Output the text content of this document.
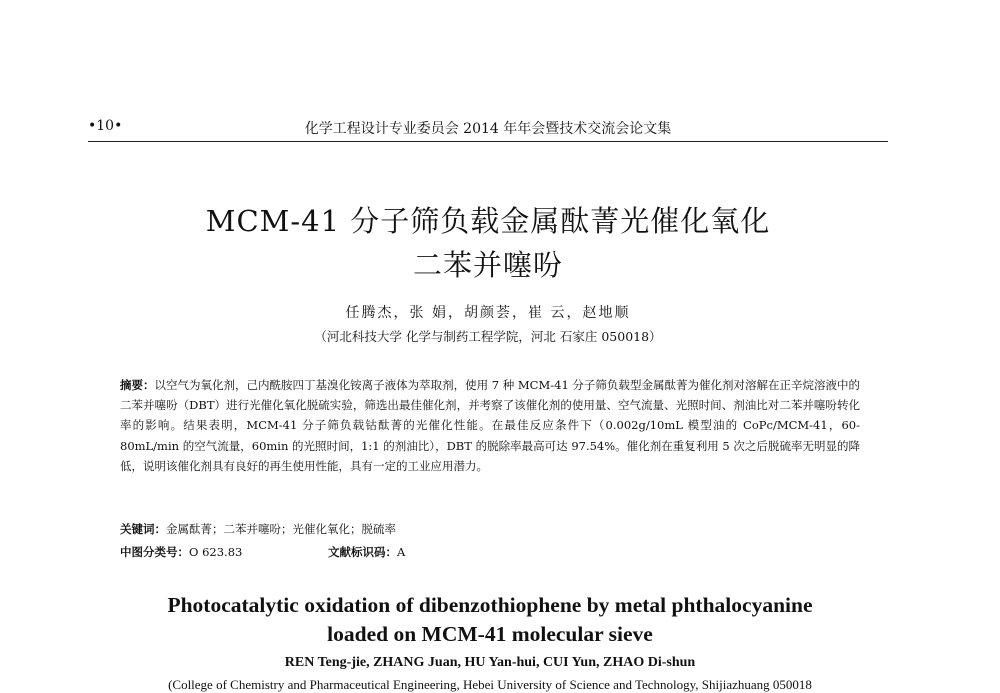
•10•	化学工程设计专业委员会 2014 年年会暨技术交流会论文集
MCM-41 分子筛负载金属酞菁光催化氧化
二苯并噻吩
任腾杰，张 娟，胡颜荟，崔 云，赵地顺
（河北科技大学 化学与制药工程学院，河北 石家庄 050018）
摘要：以空气为氧化剂，己内酰胺四丁基溴化铵离子液体为萃取剂，使用 7 种 MCM-41 分子筛负载型金属酞菁为催化剂对溶解在正辛烷溶液中的二苯并噻吩（DBT）进行光催化氧化脱硫实验，筛选出最佳催化剂，并考察了该催化剂的使用量、空气流量、光照时间、剂油比对二苯并噻吩转化率的影响。结果表明，MCM-41 分子筛负载钴酞菁的光催化性能。在最佳反应条件下（0.002g/10mL 模型油的 CoPc/MCM-41，60-80mL/min 的空气流量，60min 的光照时间，1:1 的剂油比），DBT 的脱除率最高可达 97.54%。催化剂在重复利用 5 次之后脱硫率无明显的降低，说明该催化剂具有良好的再生使用性能，具有一定的工业应用潜力。
关键词：金属酞菁；二苯并噻吩；光催化氧化；脱硫率
中图分类号：O 623.83	文献标识码：A
Photocatalytic oxidation of dibenzothiophene by metal phthalocyanine
loaded on MCM-41 molecular sieve
REN Teng-jie, ZHANG Juan, HU Yan-hui, CUI Yun, ZHAO Di-shun
(College of Chemistry and Pharmaceutical Engineering, Hebei University of Science and Technology, Shijiazhuang 050018
